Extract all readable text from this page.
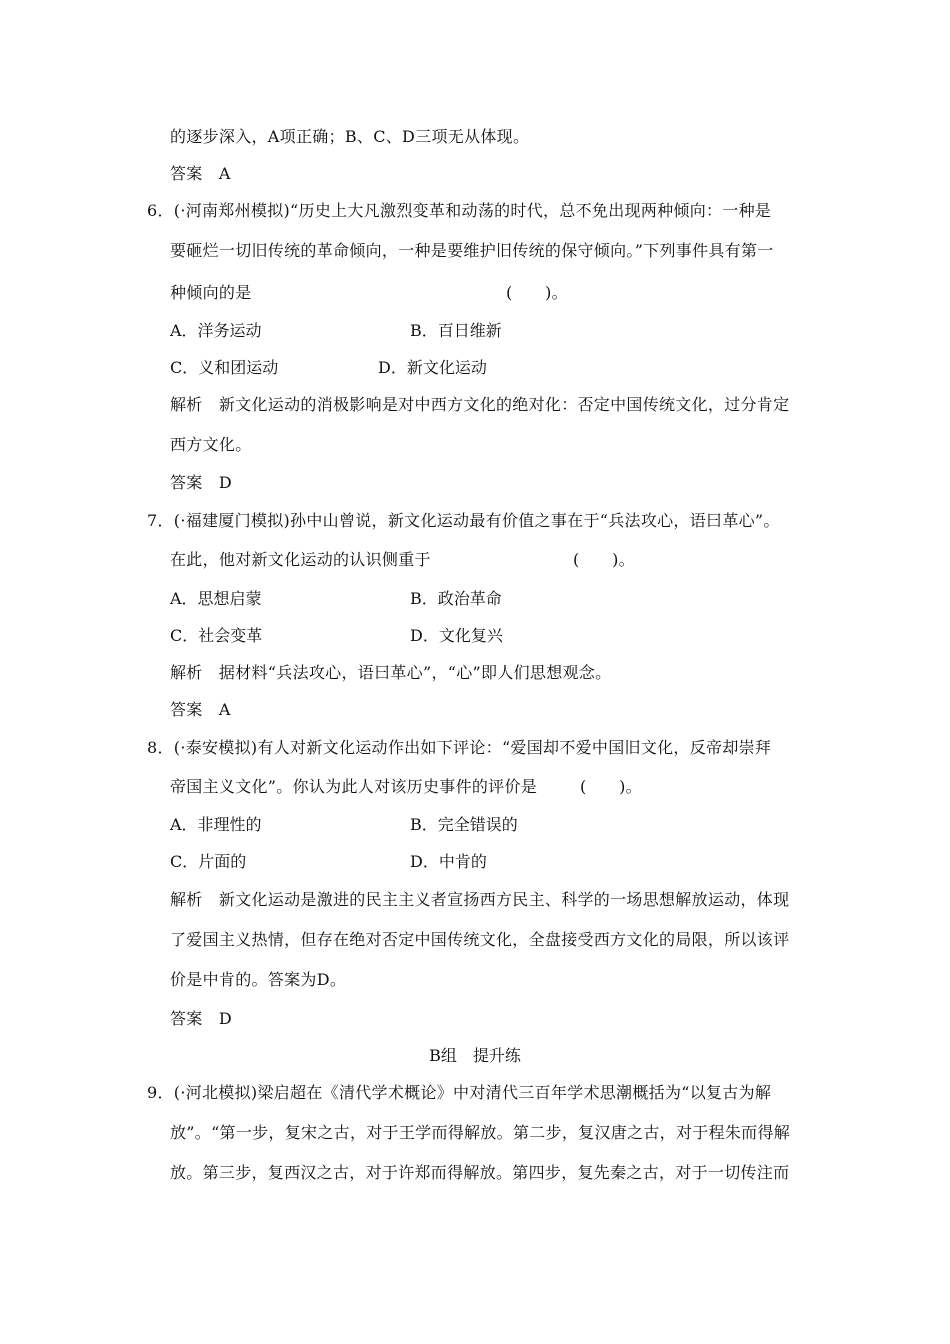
的逐步深入，A项正确；B、C、D三项无从体现。
答案　A
6．(·河南郑州模拟)“历史上大凡激烈变革和动荡的时代，总不免出现两种倾向：一种是
要砸烂一切旧传统的革命倾向，一种是要维护旧传统的保守倾向。”下列事件具有第一
种倾向的是	(　　)。
A．洋务运动	B．百日维新
C．义和团运动	D．新文化运动
解析　新文化运动的消极影响是对中西方文化的绝对化：否定中国传统文化，过分肯定
西方文化。
答案　D
7．(·福建厦门模拟)孙中山曾说，新文化运动最有价值之事在于“兵法攻心，语曰革心”。
在此，他对新文化运动的认识侧重于	(　　)。
A．思想启蒙	B．政治革命
C．社会变革	D．文化复兴
解析　据材料“兵法攻心，语曰革心”，“心”即人们思想观念。
答案　A
8．(·泰安模拟)有人对新文化运动作出如下评论：“爱国却不爱中国旧文化，反帝却崇拜
帝国主义文化”。你认为此人对该历史事件的评价是	(　　)。
A．非理性的	B．完全错误的
C．片面的	D．中肯的
解析　新文化运动是激进的民主主义者宣扬西方民主、科学的一场思想解放运动，体现
了爱国主义热情，但存在绝对否定中国传统文化，全盘接受西方文化的局限，所以该评
价是中肯的。答案为D。
答案　D
B组　提升练
9．(·河北模拟)梁启超在《清代学术概论》中对清代三百年学术思潮概括为“以复古为解
放”。“第一步，复宋之古，对于王学而得解放。第二步，复汉唐之古，对于程朱而得解
放。第三步，复西汉之古，对于许郑而得解放。第四步，复先秦之古，对于一切传注而
